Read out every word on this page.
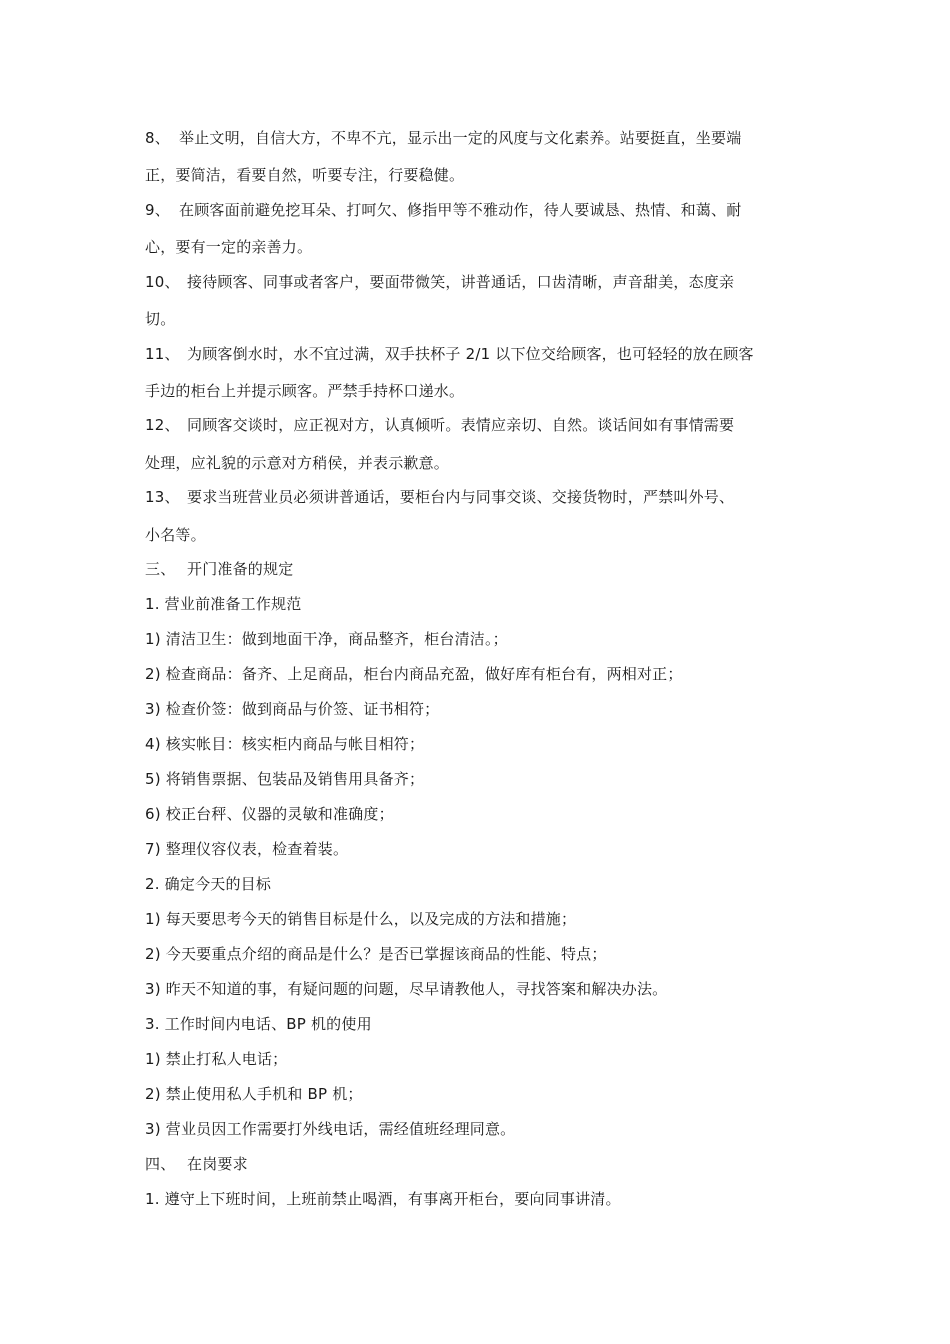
8、 举止文明，自信大方，不卑不亢，显示出一定的风度与文化素养。站要挺直，坐要端
正，要简洁，看要自然，听要专注，行要稳健。
9、 在顾客面前避免挖耳朵、打呵欠、修指甲等不雅动作，待人要诚恳、热情、和蔼、耐
心，要有一定的亲善力。
10、 接待顾客、同事或者客户，要面带微笑，讲普通话，口齿清晰，声音甜美，态度亲
切。
11、 为顾客倒水时，水不宜过满，双手扶杯子 2/1 以下位交给顾客，也可轻轻的放在顾客
手边的柜台上并提示顾客。严禁手持杯口递水。
12、 同顾客交谈时，应正视对方，认真倾听。表情应亲切、自然。谈话间如有事情需要
处理，应礼貌的示意对方稍侯，并表示歉意。
13、 要求当班营业员必须讲普通话，要柜台内与同事交谈、交接货物时，严禁叫外号、
小名等。
三、 开门准备的规定
1. 营业前准备工作规范
1) 清洁卫生：做到地面干净，商品整齐，柜台清洁。；
2) 检查商品：备齐、上足商品，柜台内商品充盈，做好库有柜台有，两相对正；
3) 检查价签：做到商品与价签、证书相符；
4) 核实帐目：核实柜内商品与帐目相符；
5) 将销售票据、包装品及销售用具备齐；
6) 校正台秤、仪器的灵敏和准确度；
7) 整理仪容仪表，检查着装。
2. 确定今天的目标
1) 每天要思考今天的销售目标是什么，以及完成的方法和措施；
2) 今天要重点介绍的商品是什么？是否已掌握该商品的性能、特点；
3) 昨天不知道的事，有疑问题的问题，尽早请教他人，寻找答案和解决办法。
3. 工作时间内电话、BP 机的使用
1) 禁止打私人电话；
2) 禁止使用私人手机和 BP 机；
3) 营业员因工作需要打外线电话，需经值班经理同意。
四、 在岗要求
1. 遵守上下班时间，上班前禁止喝酒，有事离开柜台，要向同事讲清。
